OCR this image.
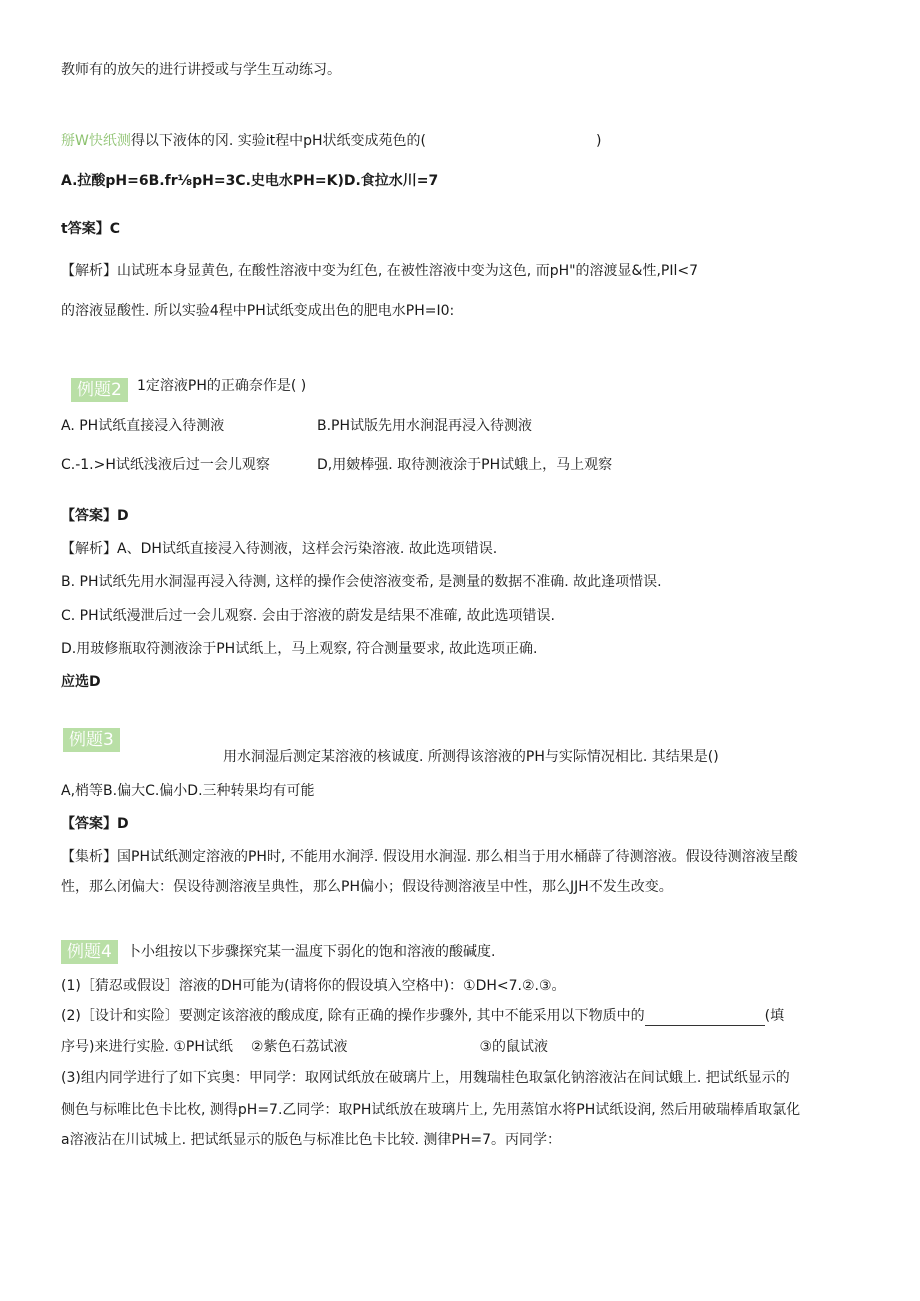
教师有的放矢的进行讲授或与学生互动练习。
掰W快纸测得以下液体的冈. 实验it程中pH状纸变成苑色的(	)
A.拉酸pH=6B.fr⅛pH=3C.史电水PH=K)D.食拉水川=7
t答案】C
【解析】山试班本身显黄色, 在酸性溶液中变为红色, 在被性溶液中变为这色, 而pH"的溶渡显&性,PIl<7
的溶液显酸性. 所以实验4程中PH试纸变成出色的肥电水PH=I0:
例题2	1定溶液PH的正确奈作是( )
A. PH试纸直接浸入待测液	B.PH试版先用水涧混再浸入待测液
C.-1.>H试纸浅液后过一会儿观察	D,用皴棒强. 取待测液涂于PH试蛾上，马上观察
【答案】D
【解析】A、DH试纸直接浸入待测液，这样会污染溶液. 故此选项错误.
B. PH试纸先用水洞湿再浸入待测, 这样的操作会使溶液变希, 是测量的数据不准确. 故此逢项惜误.
C. PH试纸漫泄后过一会儿观察. 会由于溶液的蔚发是结果不准確, 故此选项错误.
D.用玻修瓶取符测液涂于PH试纸上，马上观察, 符合测量要求, 故此选项正确.
应选D
例题3
用水洞湿后测定某溶液的核诚度. 所测得该溶液的PH与实际情况相比. 其结果是()
A,梢等B.偏大C.偏小D.三种转果均有可能
【答案】D
【集析】国PH试纸测定溶液的PH时, 不能用水涧浮. 假设用水涧湿. 那么相当于用水桶薜了待测溶液。假设待测溶液呈酸
性，那么闭偏大：俣设待测溶液呈典性，那么PH偏小；假设待测溶液呈中性，那么JJH不发生改变。
例题4	卜小组按以下步骤探究某一温度下弱化的饱和溶液的酸碱度.
(1)［猜忍或假设］溶液的DH可能为(请将你的假设填入空格中)：①DH<7.②.③。
(2)［设计和实险〕要测定该溶液的酸成度, 除有正确的操作步骤外, 其中不能采用以下物质中的	(填
序号)来进行实脸. ①PH试纸 ②紫色石荔试液	③的鼠试液
(3)组内同学进行了如下宾奥：甲同学：取网试纸放在破璃片上，用魏瑞桂色取氯化钠溶液沾在间试蛾上. 把试纸显示的
侧色与标唯比色卡比枚, 测得pH=7.乙同学：取PH试纸放在玻璃片上, 先用蒸馆水将PH试纸设润, 然后用破瑞棒盾取氯化
a溶液沾在川试城上. 把试纸显示的版色与标准比色卡比较. 测律PH=7。丙同学：
